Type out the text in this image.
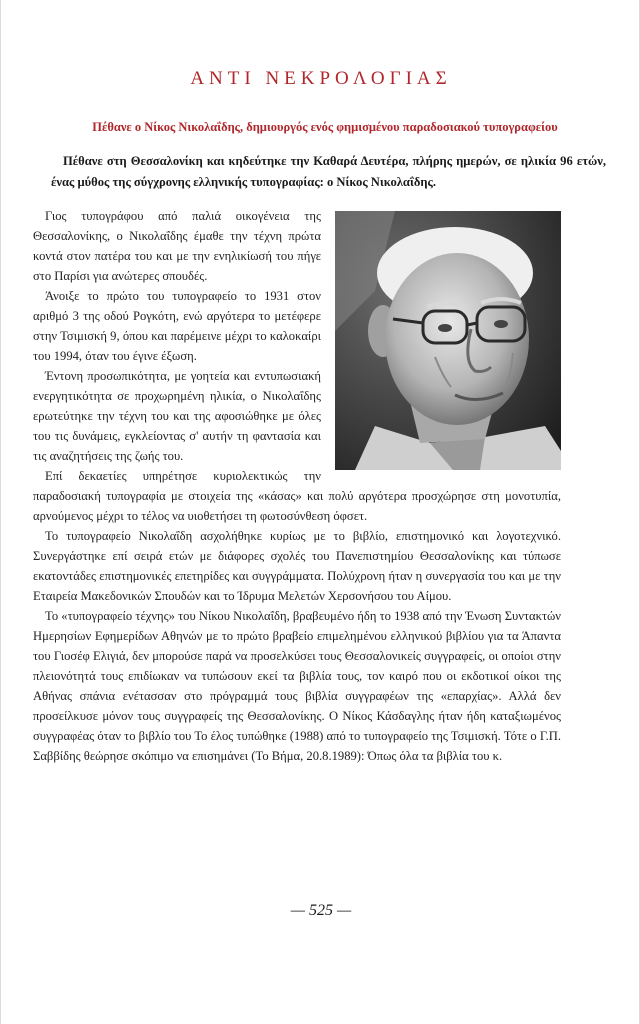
ΑΝΤΙ ΝΕΚΡΟΛΟΓΙΑΣ
Πέθανε ο Νίκος Νικολαΐδης, δημιουργός ενός φημισμένου παραδοσιακού τυπογραφείου
Πέθανε στη Θεσσαλονίκη και κηδεύτηκε την Καθαρά Δευτέρα, πλήρης ημερών, σε ηλικία 96 ετών, ένας μύθος της σύγχρονης ελληνικής τυπογραφίας: ο Νίκος Νικολαΐδης.

Γιος τυπογράφου από παλιά οικογένεια της Θεσσαλονίκης, ο Νικολαΐδης έμαθε την τέχνη πρώτα κοντά στον πατέρα του και με την ενηλικίωσή του πήγε στο Παρίσι για ανώτερες σπουδές.

Άνοιξε το πρώτο του τυπογραφείο το 1931 στον αριθμό 3 της οδού Ρογκότη, ενώ αργότερα το μετέφερε στην Τσιμισκή 9, όπου και παρέμεινε μέχρι το καλοκαίρι του 1994, όταν του έγινε έξωση.

Έντονη προσωπικότητα, με γοητεία και εντυπωσιακή ενεργητικότητα σε προχωρημένη ηλικία, ο Νικολαΐδης ερωτεύτηκε την τέχνη του και της αφοσιώθηκε με όλες του τις δυνάμεις, εγκλείοντας σ' αυτήν τη φαντασία και τις αναζητήσεις της ζωής του.

Επί δεκαετίες υπηρέτησε κυριολεκτικώς την παραδοσιακή τυπογραφία με στοιχεία της «κάσας» και πολύ αργότερα προσχώρησε στη μονοτυπία, αρνούμενος μέχρι το τέλος να υιοθετήσει τη φωτοσύνθεση όφσετ.

Το τυπογραφείο Νικολαΐδη ασχολήθηκε κυρίως με το βιβλίο, επιστημονικό και λογοτεχνικό. Συνεργάστηκε επί σειρά ετών με διάφορες σχολές του Πανεπιστημίου Θεσσαλονίκης και τύπωσε εκατοντάδες επιστημονικές επετηρίδες και συγγράμματα. Πολύχρονη ήταν η συνεργασία του και με την Εταιρεία Μακεδονικών Σπουδών και το Ίδρυμα Μελετών Χερσονήσου του Αίμου.

Το «τυπογραφείο τέχνης» του Νίκου Νικολαΐδη, βραβευμένο ήδη το 1938 από την Ένωση Συντακτών Ημερησίων Εφημερίδων Αθηνών με το πρώτο βραβείο επιμελημένου ελληνικού βιβλίου για τα Άπαντα του Γιοσέφ Ελιγιά, δεν μπορούσε παρά να προσελκύσει τους Θεσσαλονικείς συγγραφείς, οι οποίοι στην πλειονότητά τους επιδίωκαν να τυπώσουν εκεί τα βιβλία τους, τον καιρό που οι εκδοτικοί οίκοι της Αθήνας σπάνια ενέτασσαν στο πρόγραμμά τους βιβλία συγγραφέων της «επαρχίας». Αλλά δεν προσείλκυσε μόνον τους συγγραφείς της Θεσσαλονίκης. Ο Νίκος Κάσδαγλης ήταν ήδη καταξιωμένος συγγραφέας όταν το βιβλίο του Το έλος τυπώθηκε (1988) από το τυπογραφείο της Τσιμισκή. Τότε ο Γ.Π. Σαββίδης θεώρησε σκόπιμο να επισημάνει (Το Βήμα, 20.8.1989): Όπως όλα τα βιβλία του κ.

— 525 —
